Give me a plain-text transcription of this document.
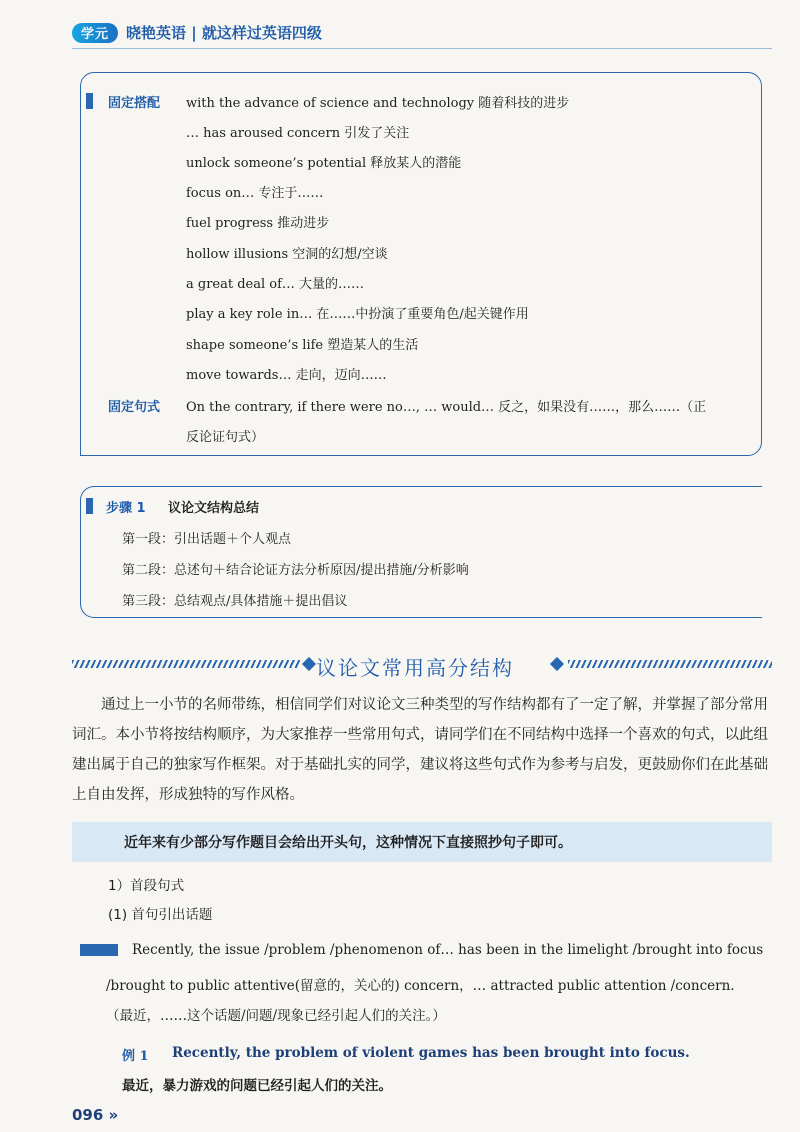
学元	晓艳英语 | 就这样过英语四级
固定搭配 with the advance of science and technology 随着科技的进步
… has aroused concern 引发了关注
unlock someone’s potential 释放某人的潜能
focus on… 专注于……
fuel progress 推动进步
hollow illusions 空洞的幻想/空谈
a great deal of… 大量的……
play a key role in… 在……中扮演了重要角色/起关键作用
shape someone’s life 塑造某人的生活
move towards… 走向，迈向……
固定句式 On the contrary, if there were no…, … would… 反之，如果没有……，那么……（正
反论证句式）
步骤 1 议论文结构总结
第一段：引出话题＋个人观点
第二段：总述句＋结合论证方法分析原因/提出措施/分析影响
第三段：总结观点/具体措施＋提出倡议
议论文常用高分结构
通过上一小节的名师带练，相信同学们对议论文三种类型的写作结构都有了一定了解，并掌握了部分常用词汇。本小节将按结构顺序，为大家推荐一些常用句式，请同学们在不同结构中选择一个喜欢的句式，以此组建出属于自己的独家写作框架。对于基础扎实的同学，建议将这些句式作为参考与启发，更鼓励你们在此基础上自由发挥，形成独特的写作风格。
近年来有少部分写作题目会给出开头句，这种情况下直接照抄句子即可。
1）首段句式
(1) 首句引出话题
Recently, the issue /problem /phenomenon of… has been in the limelight /brought into focus
/brought to public attentive(留意的，关心的) concern，… attracted public attention /concern.
（最近，……这个话题/问题/现象已经引起人们的关注。）
例 1 Recently, the problem of violent games has been brought into focus.
最近，暴力游戏的问题已经引起人们的关注。
096 »
